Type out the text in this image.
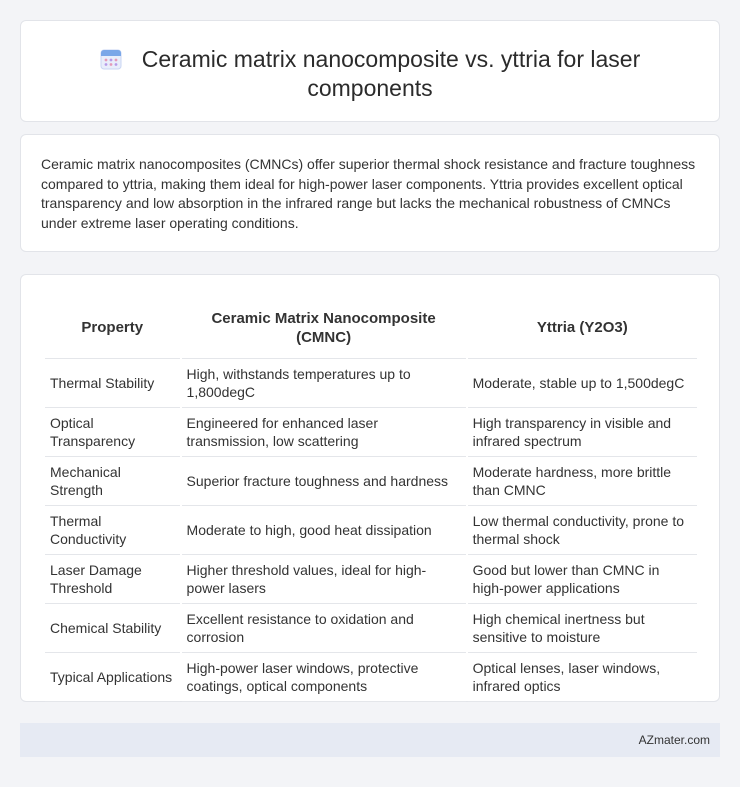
Ceramic matrix nanocomposite vs. yttria for laser
components

Ceramic matrix nanocomposites (CMNCs) offer superior thermal shock resistance and fracture toughness compared to yttria, making them ideal for high-power laser components. Yttria provides excellent optical transparency and low absorption in the infrared range but lacks the mechanical robustness of CMNCs under extreme laser operating conditions.

Property	Ceramic Matrix Nanocomposite (CMNC)	Yttria (Y2O3)
Thermal Stability	High, withstands temperatures up to 1,800degC	Moderate, stable up to 1,500degC
Optical Transparency	Engineered for enhanced laser transmission, low scattering	High transparency in visible and infrared spectrum
Mechanical Strength	Superior fracture toughness and hardness	Moderate hardness, more brittle than CMNC
Thermal Conductivity	Moderate to high, good heat dissipation	Low thermal conductivity, prone to thermal shock
Laser Damage Threshold	Higher threshold values, ideal for high-power lasers	Good but lower than CMNC in high-power applications
Chemical Stability	Excellent resistance to oxidation and corrosion	High chemical inertness but sensitive to moisture
Typical Applications	High-power laser windows, protective coatings, optical components	Optical lenses, laser windows, infrared optics
AZmater.com
